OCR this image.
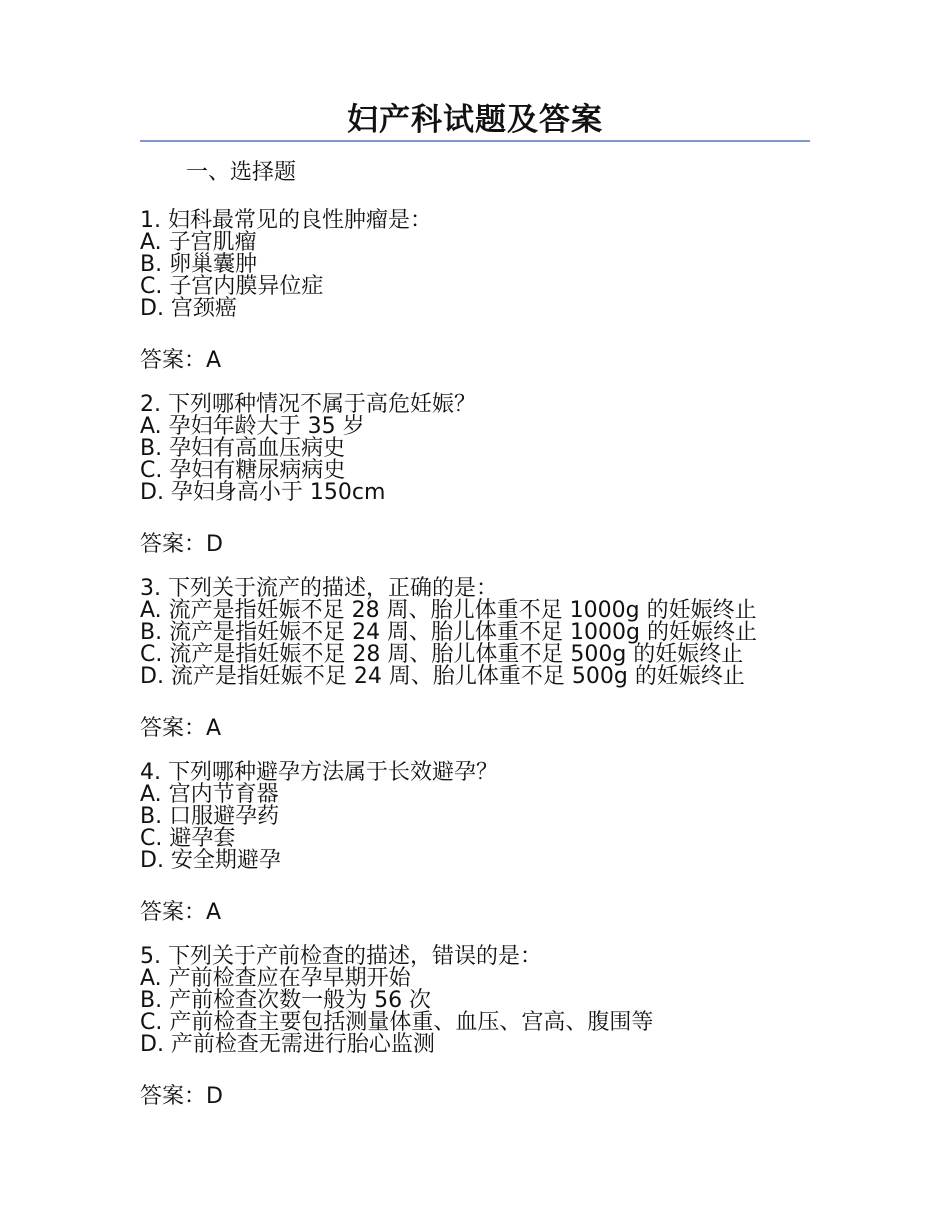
妇产科试题及答案
一、选择题
1. 妇科最常见的良性肿瘤是：
A. 子宫肌瘤
B. 卵巢囊肿
C. 子宫内膜异位症
D. 宫颈癌
答案：A
2. 下列哪种情况不属于高危妊娠？
A. 孕妇年龄大于 35 岁
B. 孕妇有高血压病史
C. 孕妇有糖尿病病史
D. 孕妇身高小于 150cm
答案：D
3. 下列关于流产的描述，正确的是：
A. 流产是指妊娠不足 28 周、胎儿体重不足 1000g 的妊娠终止
B. 流产是指妊娠不足 24 周、胎儿体重不足 1000g 的妊娠终止
C. 流产是指妊娠不足 28 周、胎儿体重不足 500g 的妊娠终止
D. 流产是指妊娠不足 24 周、胎儿体重不足 500g 的妊娠终止
答案：A
4. 下列哪种避孕方法属于长效避孕？
A. 宫内节育器
B. 口服避孕药
C. 避孕套
D. 安全期避孕
答案：A
5. 下列关于产前检查的描述，错误的是：
A. 产前检查应在孕早期开始
B. 产前检查次数一般为 56 次
C. 产前检查主要包括测量体重、血压、宫高、腹围等
D. 产前检查无需进行胎心监测
答案：D
